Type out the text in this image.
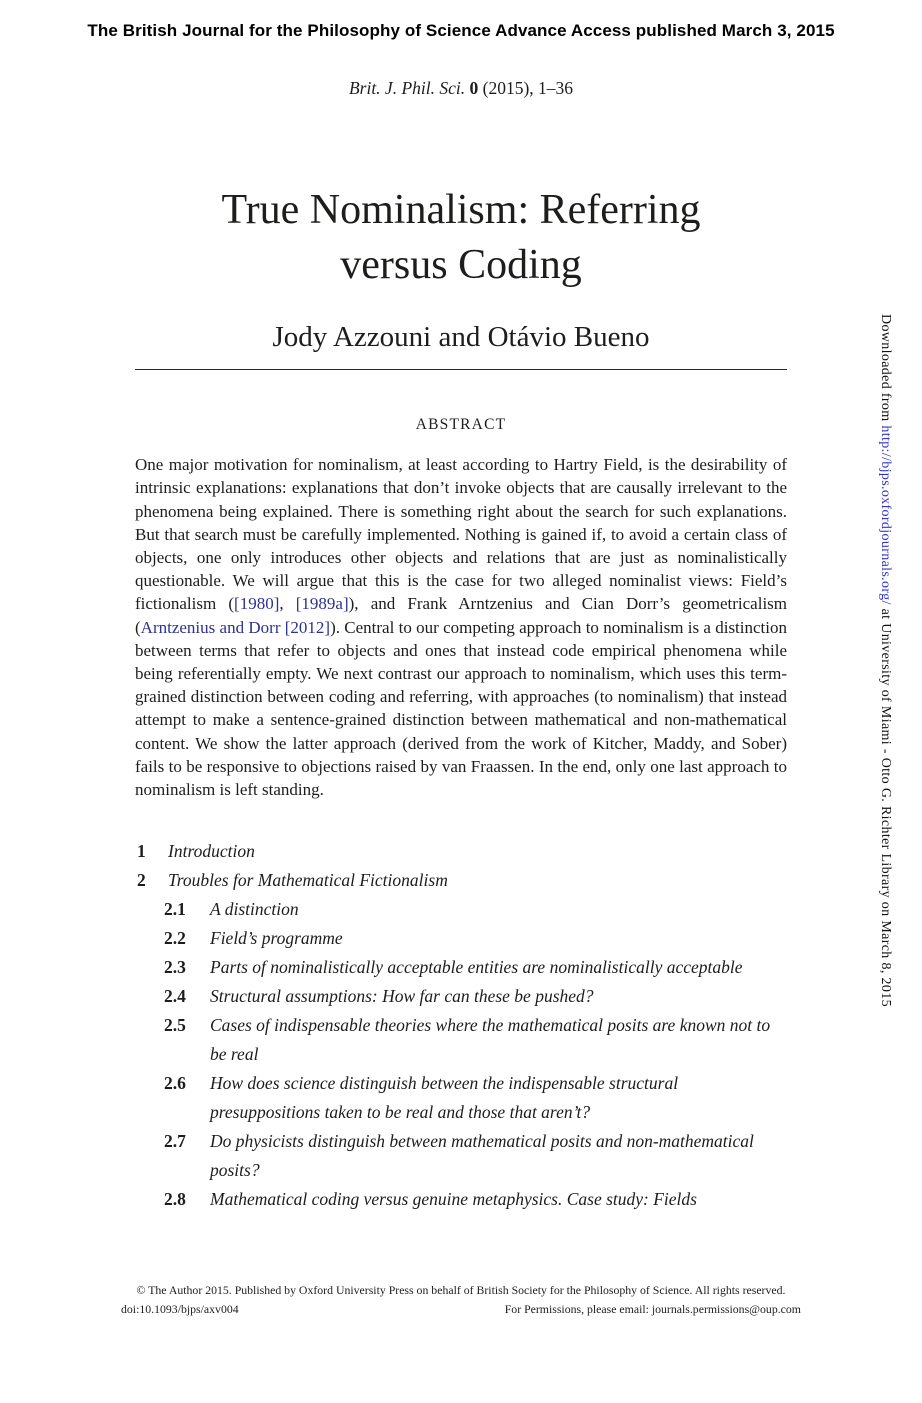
The British Journal for the Philosophy of Science Advance Access published March 3, 2015
Brit. J. Phil. Sci. 0 (2015), 1–36
True Nominalism: Referring
versus Coding
Jody Azzouni and Otávio Bueno
ABSTRACT
One major motivation for nominalism, at least according to Hartry Field, is the desirability of intrinsic explanations: explanations that don’t invoke objects that are causally irrelevant to the phenomena being explained. There is something right about the search for such explanations. But that search must be carefully implemented. Nothing is gained if, to avoid a certain class of objects, one only introduces other objects and relations that are just as nominalistically questionable. We will argue that this is the case for two alleged nominalist views: Field’s fictionalism ([1980], [1989a]), and Frank Arntzenius and Cian Dorr’s geometricalism (Arntzenius and Dorr [2012]). Central to our competing approach to nominalism is a distinction between terms that refer to objects and ones that instead code empirical phenomena while being referentially empty. We next contrast our approach to nominalism, which uses this term-grained distinction between coding and referring, with approaches (to nominalism) that instead attempt to make a sentence-grained distinction between mathematical and non-mathematical content. We show the latter approach (derived from the work of Kitcher, Maddy, and Sober) fails to be responsive to objections raised by van Fraassen. In the end, only one last approach to nominalism is left standing.
1 Introduction
2 Troubles for Mathematical Fictionalism
2.1 A distinction
2.2 Field’s programme
2.3 Parts of nominalistically acceptable entities are nominalistically acceptable
2.4 Structural assumptions: How far can these be pushed?
2.5 Cases of indispensable theories where the mathematical posits are known not to be real
2.6 How does science distinguish between the indispensable structural presuppositions taken to be real and those that aren’t?
2.7 Do physicists distinguish between mathematical posits and non-mathematical posits?
2.8 Mathematical coding versus genuine metaphysics. Case study: Fields
© The Author 2015. Published by Oxford University Press on behalf of British Society for the Philosophy of Science. All rights reserved.
doi:10.1093/bjps/axv004	For Permissions, please email: journals.permissions@oup.com
Downloaded from http://bjps.oxfordjournals.org/ at University of Miami - Otto G. Richter Library on March 8, 2015
